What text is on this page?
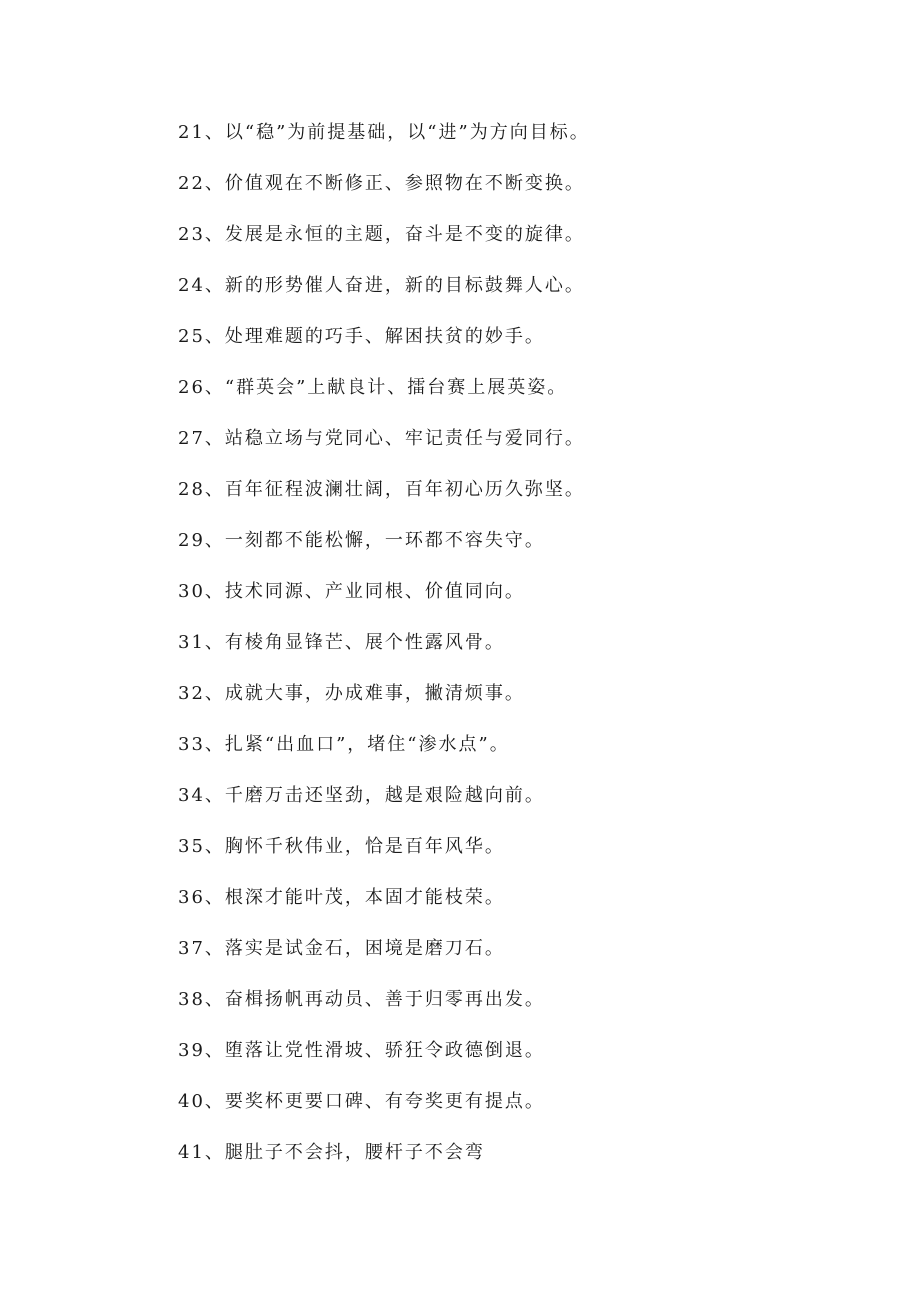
21、以“稳”为前提基础，以“进”为方向目标。
22、价值观在不断修正、参照物在不断变换。
23、发展是永恒的主题，奋斗是不变的旋律。
24、新的形势催人奋进，新的目标鼓舞人心。
25、处理难题的巧手、解困扶贫的妙手。
26、“群英会”上献良计、擂台赛上展英姿。
27、站稳立场与党同心、牢记责任与爱同行。
28、百年征程波澜壮阔，百年初心历久弥坚。
29、一刻都不能松懈，一环都不容失守。
30、技术同源、产业同根、价值同向。
31、有棱角显锋芒、展个性露风骨。
32、成就大事，办成难事，撇清烦事。
33、扎紧“出血口”，堵住“渗水点”。
34、千磨万击还坚劲，越是艰险越向前。
35、胸怀千秋伟业，恰是百年风华。
36、根深才能叶茂，本固才能枝荣。
37、落实是试金石，困境是磨刀石。
38、奋楫扬帆再动员、善于归零再出发。
39、堕落让党性滑坡、骄狂令政德倒退。
40、要奖杯更要口碑、有夸奖更有提点。
41、腿肚子不会抖，腰杆子不会弯
